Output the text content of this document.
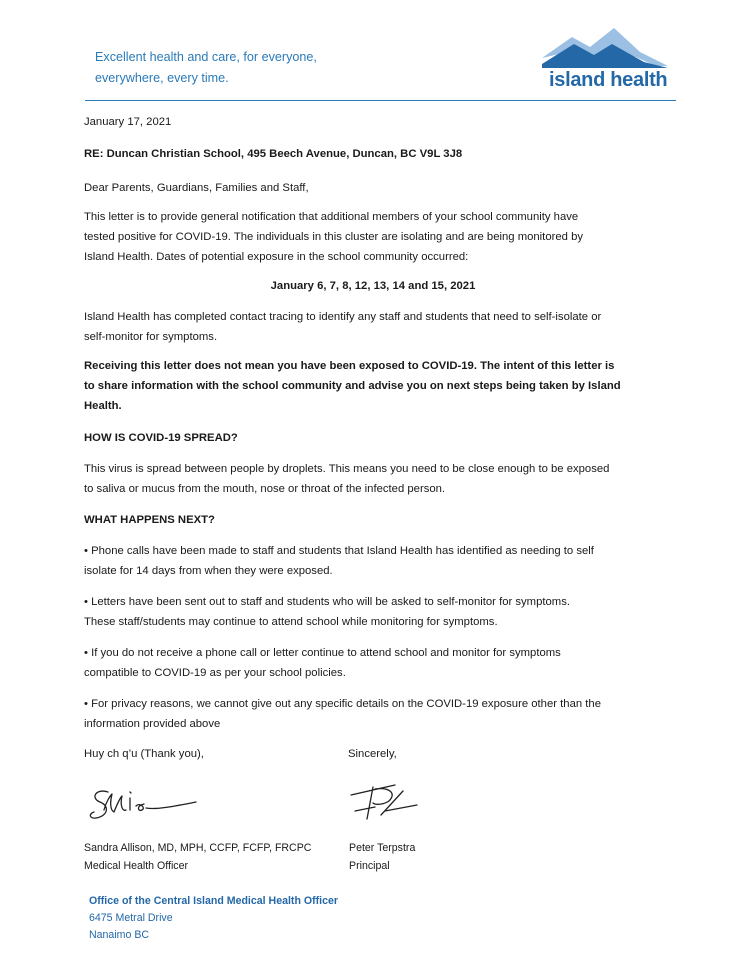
Excellent health and care, for everyone,
everywhere, every time.	island health
January 17, 2021
RE: Duncan Christian School, 495 Beech Avenue, Duncan, BC V9L 3J8
Dear Parents, Guardians, Families and Staff,
This letter is to provide general notification that additional members of your school community have
tested positive for COVID-19. The individuals in this cluster are isolating and are being monitored by
Island Health. Dates of potential exposure in the school community occurred:
January 6, 7, 8, 12, 13, 14 and 15, 2021
Island Health has completed contact tracing to identify any staff and students that need to self-isolate or
self-monitor for symptoms.
Receiving this letter does not mean you have been exposed to COVID-19. The intent of this letter is
to share information with the school community and advise you on next steps being taken by Island
Health.
HOW IS COVID-19 SPREAD?
This virus is spread between people by droplets. This means you need to be close enough to be exposed
to saliva or mucus from the mouth, nose or throat of the infected person.
WHAT HAPPENS NEXT?
• Phone calls have been made to staff and students that Island Health has identified as needing to self
isolate for 14 days from when they were exposed.
• Letters have been sent out to staff and students who will be asked to self-monitor for symptoms.
These staff/students may continue to attend school while monitoring for symptoms.
• If you do not receive a phone call or letter continue to attend school and monitor for symptoms
compatible to COVID-19 as per your school policies.
• For privacy reasons, we cannot give out any specific details on the COVID-19 exposure other than the
information provided above
Huy ch q’u (Thank you),	Sincerely,
Sandra Allison, MD, MPH, CCFP, FCFP, FRCPC
Medical Health Officer
Peter Terpstra
Principal
Office of the Central Island Medical Health Officer
6475 Metral Drive
Nanaimo BC
